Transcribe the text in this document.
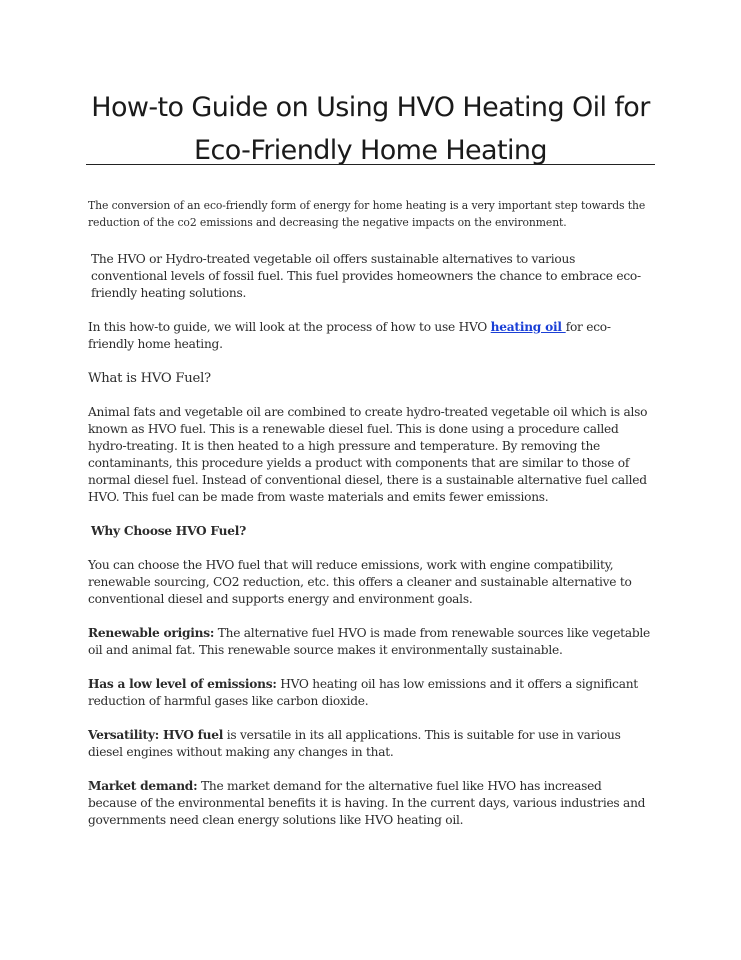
How-to Guide on Using HVO Heating Oil for
Eco-Friendly Home Heating

The conversion of an eco-friendly form of energy for home heating is a very important step towards the reduction of the co2 emissions and decreasing the negative impacts on the environment.

The HVO or Hydro-treated vegetable oil offers sustainable alternatives to various conventional levels of fossil fuel. This fuel provides homeowners the chance to embrace eco-friendly heating solutions.

In this how-to guide, we will look at the process of how to use HVO heating oil for eco-friendly home heating.

What is HVO Fuel?

Animal fats and vegetable oil are combined to create hydro-treated vegetable oil which is also known as HVO fuel. This is a renewable diesel fuel. This is done using a procedure called hydro-treating. It is then heated to a high pressure and temperature. By removing the contaminants, this procedure yields a product with components that are similar to those of normal diesel fuel. Instead of conventional diesel, there is a sustainable alternative fuel called HVO. This fuel can be made from waste materials and emits fewer emissions.

Why Choose HVO Fuel?

You can choose the HVO fuel that will reduce emissions, work with engine compatibility, renewable sourcing, CO2 reduction, etc. this offers a cleaner and sustainable alternative to conventional diesel and supports energy and environment goals.

Renewable origins: The alternative fuel HVO is made from renewable sources like vegetable oil and animal fat. This renewable source makes it environmentally sustainable.

Has a low level of emissions: HVO heating oil has low emissions and it offers a significant reduction of harmful gases like carbon dioxide.

Versatility: HVO fuel is versatile in its all applications. This is suitable for use in various diesel engines without making any changes in that.

Market demand: The market demand for the alternative fuel like HVO has increased because of the environmental benefits it is having. In the current days, various industries and governments need clean energy solutions like HVO heating oil.
